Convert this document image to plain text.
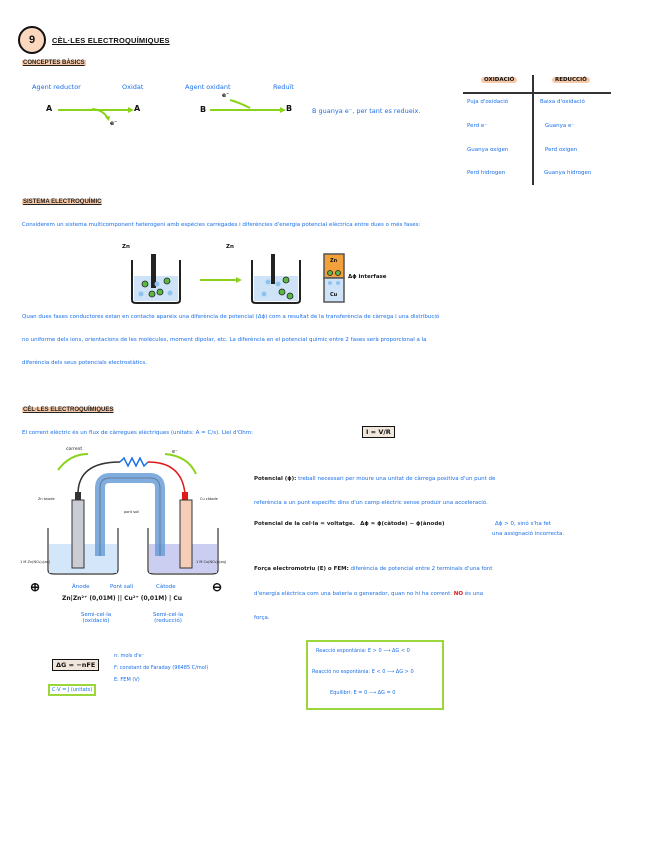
9 CÈL·LES ELECTROQUÍMIQUES
CONCEPTES BÀSICS
Agent reductor	Oxidat
A
e⁻
A
Agent oxidant	Reduït
B
e⁻
B	B guanya e⁻, per tant es redueix.
OXIDACIÓ	REDUCCIÓ
Puja d'oxidació	Baixa d'oxidació
Perd e⁻	Guanya e⁻
Guanya oxigen	Perd oxigen
Perd hidrogen	Guanya hidrogen
SISTEMA ELECTROQUÍMIC
Considerem un sistema multicomponent heterogeni amb espècies carregades i diferències d'energia potencial elèctrica entre dues o més fases:
Zn	Zn
Zn
Cu
Δϕ interfase
Quan dues fases conductores estan en contacte apareix una diferència de potencial (Δϕ) com a resultat de la transferència de càrrega i una distribució
no uniforme dels ions, orientacions de les molècules, moment dipolar, etc. La diferència en el potencial químic entre 2 fases serà proporcional a la
diferència dels seus potencials electrostàtics.
CÈL·LES ELECTROQUÍMIQUES
El corrent elèctric és un flux de càrregues elèctriques (unitats: A = C/s). Llei d'Ohm:	I = V/R
corrent	e⁻
Zn ànode	Cu càtode
pont salí
1 M Zn(NO₃)₂(aq)	1 M Cu(NO₃)₂(aq)
⊕	⊖
Ànode	Pont salí	Càtode
Zn|Zn²⁺ (0,01M) || Cu²⁺ (0,01M) | Cu
Semi-cel·la (oxidació)
Semi-cel·la (reducció)
Potencial (ϕ): treball necessari per moure una unitat de càrrega positiva d'un punt de
referència a un punt específic dins d'un camp elèctric sense produir una acceleració.
Potencial de la cel·la = voltatge. Δϕ = ϕ(càtode) − ϕ(ànode)	Δϕ > 0, sinó s'ha fet
una assignació incorrecta.
Força electromotriu (E) o FEM: diferència de potencial entre 2 terminals d'una font
d'energia elèctrica com una bateria o generador, quan no hi ha corrent. NO és una
força.
ΔG = −nFE
n: mols d'e⁻
F: constant de Faraday (96485 C/mol)
E: FEM (V)
C·V = J (unitats)
Reacció espontània: E > 0 ⟶ ΔG < 0
Reacció no espontània: E < 0 ⟶ ΔG > 0
Equilibri: E = 0 ⟶ ΔG = 0
